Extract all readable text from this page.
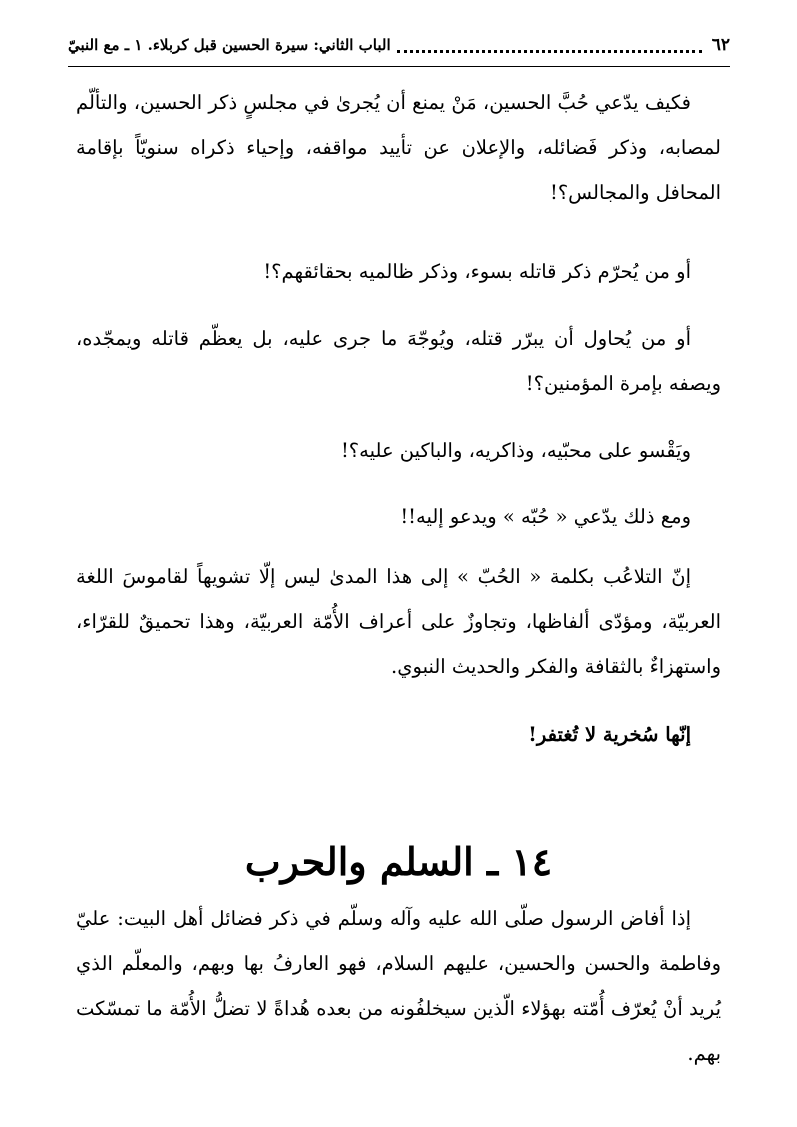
٦٢
الباب الثاني: سيرة الحسين قبل كربلاء. ١ ـ مع النبيّ

فكيف يدّعي حُبَّ الحسين، مَنْ يمنع أن يُجرىٰ في مجلسٍ ذكر الحسين، والتألّم لمصابه، وذكر فَضائله، والإعلان عن تأييد مواقفه، وإحياء ذكراه سنويّاً بإقامة المحافل والمجالس؟!

أو من يُحرّم ذكر قاتله بسوء، وذكر ظالميه بحقائقهم؟!

أو من يُحاول أن يبرّر قتله، ويُوجّهَ ما جرى عليه، بل يعظّم قاتله ويمجّده، ويصفه بإمرة المؤمنين؟!

ويَقْسو على محبّيه، وذاكريه، والباكين عليه؟!

ومع ذلك يدّعي « حُبّه » ويدعو إليه!!

إنّ التلاعُب بكلمة « الحُبّ » إلى هذا المدىٰ ليس إلّا تشويهاً لقاموسَ اللغة العربيّة، ومؤدّى ألفاظها، وتجاوزٌ على أعراف الأُمّة العربيّة، وهذا تحميقٌ للقرّاء، واستهزاءٌ بالثقافة والفكر والحديث النبوي.

إنّها سُخرية لا تُغتفر!

١٤ ـ السلم والحرب

إذا أفاض الرسول صلّى الله عليه وآله وسلّم في ذكر فضائل أهل البيت: عليّ وفاطمة والحسن والحسين، عليهم السلام، فهو العارفُ بها وبهم، والمعلّم الذي يُريد أنْ يُعرّف أُمّته بهؤلاء الّذين سيخلفُونه من بعده هُداةً لا تضلُّ الأُمّة ما تمسّكت بهم.
